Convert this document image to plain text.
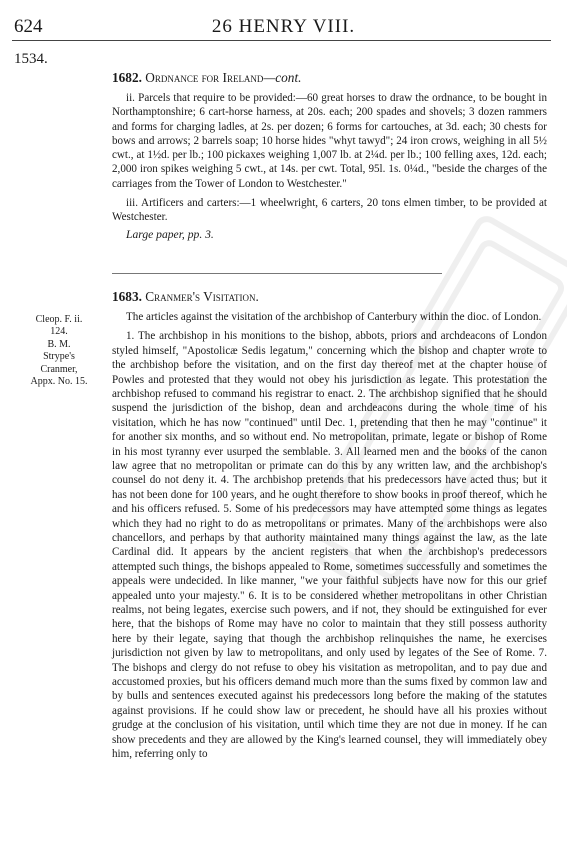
624	26 HENRY VIII.
1534.
1682. Ordnance for Ireland—cont.

ii. Parcels that require to be provided:—60 great horses to draw the ordnance, to be bought in Northamptonshire; 6 cart-horse harness, at 20s. each; 200 spades and shovels; 3 dozen rammers and forms for charging ladles, at 2s. per dozen; 6 forms for cartouches, at 3d. each; 30 chests for bows and arrows; 2 barrels soap; 10 horse hides "whyt tawyd"; 24 iron crows, weighing in all 5½ cwt., at 1½d. per lb.; 100 pickaxes weighing 1,007 lb. at 2¼d. per lb.; 100 felling axes, 12d. each; 2,000 iron spikes weighing 5 cwt., at 14s. per cwt. Total, 95l. 1s. 0¼d., "beside the charges of the carriages from the Tower of London to Westchester."

iii. Artificers and carters:—1 wheelwright, 6 carters, 20 tons elmen timber, to be provided at Westchester.

Large paper, pp. 3.
1683. Cranmer's Visitation.

The articles against the visitation of the archbishop of Canterbury within the dioc. of London.

1. The archbishop in his monitions to the bishop, abbots, priors and archdeacons of London styled himself, "Apostolicæ Sedis legatum," concerning which the bishop and chapter wrote to the archbishop before the visitation, and on the first day thereof met at the chapter house of Powles and protested that they would not obey his jurisdiction as legate. This protestation the archbishop refused to command his registrar to enact. 2. The archbishop signified that he should suspend the jurisdiction of the bishop, dean and archdeacons during the whole time of his visitation, which he has now "continued" until Dec. 1, pretending that then he may "continue" it for another six months, and so without end. No metropolitan, primate, legate or bishop of Rome in his most tyranny ever usurped the semblable. 3. All learned men and the books of the canon law agree that no metropolitan or primate can do this by any written law, and the archbishop's counsel do not deny it. 4. The archbishop pretends that his predecessors have acted thus; but it has not been done for 100 years, and he ought therefore to show books in proof thereof, which he and his officers refused. 5. Some of his predecessors may have attempted some things as legates which they had no right to do as metropolitans or primates. Many of the archbishops were also chancellors, and perhaps by that authority maintained many things against the law, as the late Cardinal did. It appears by the ancient registers that when the archbishop's predecessors attempted such things, the bishops appealed to Rome, sometimes successfully and sometimes the appeals were undecided. In like manner, "we your faithful subjects have now for this our grief appealed unto your majesty." 6. It is to be considered whether metropolitans in other Christian realms, not being legates, exercise such powers, and if not, they should be extinguished for ever here, that the bishops of Rome may have no color to maintain that they still possess authority here by their legate, saying that though the archbishop relinquishes the name, he exercises jurisdiction not given by law to metropolitans, and only used by legates of the See of Rome. 7. The bishops and clergy do not refuse to obey his visitation as metropolitan, and to pay due and accustomed proxies, but his officers demand much more than the sums fixed by common law and by bulls and sentences executed against his predecessors long before the making of the statutes against provisions. If he could show law or precedent, he should have all his proxies without grudge at the conclusion of his visitation, until which time they are not due in money. If he can show precedents and they are allowed by the King's learned counsel, they will immediately obey him, referring only to

Cleop. F. ii.
124.
B. M.
Strype's
Cranmer,
Appx. No. 15.
